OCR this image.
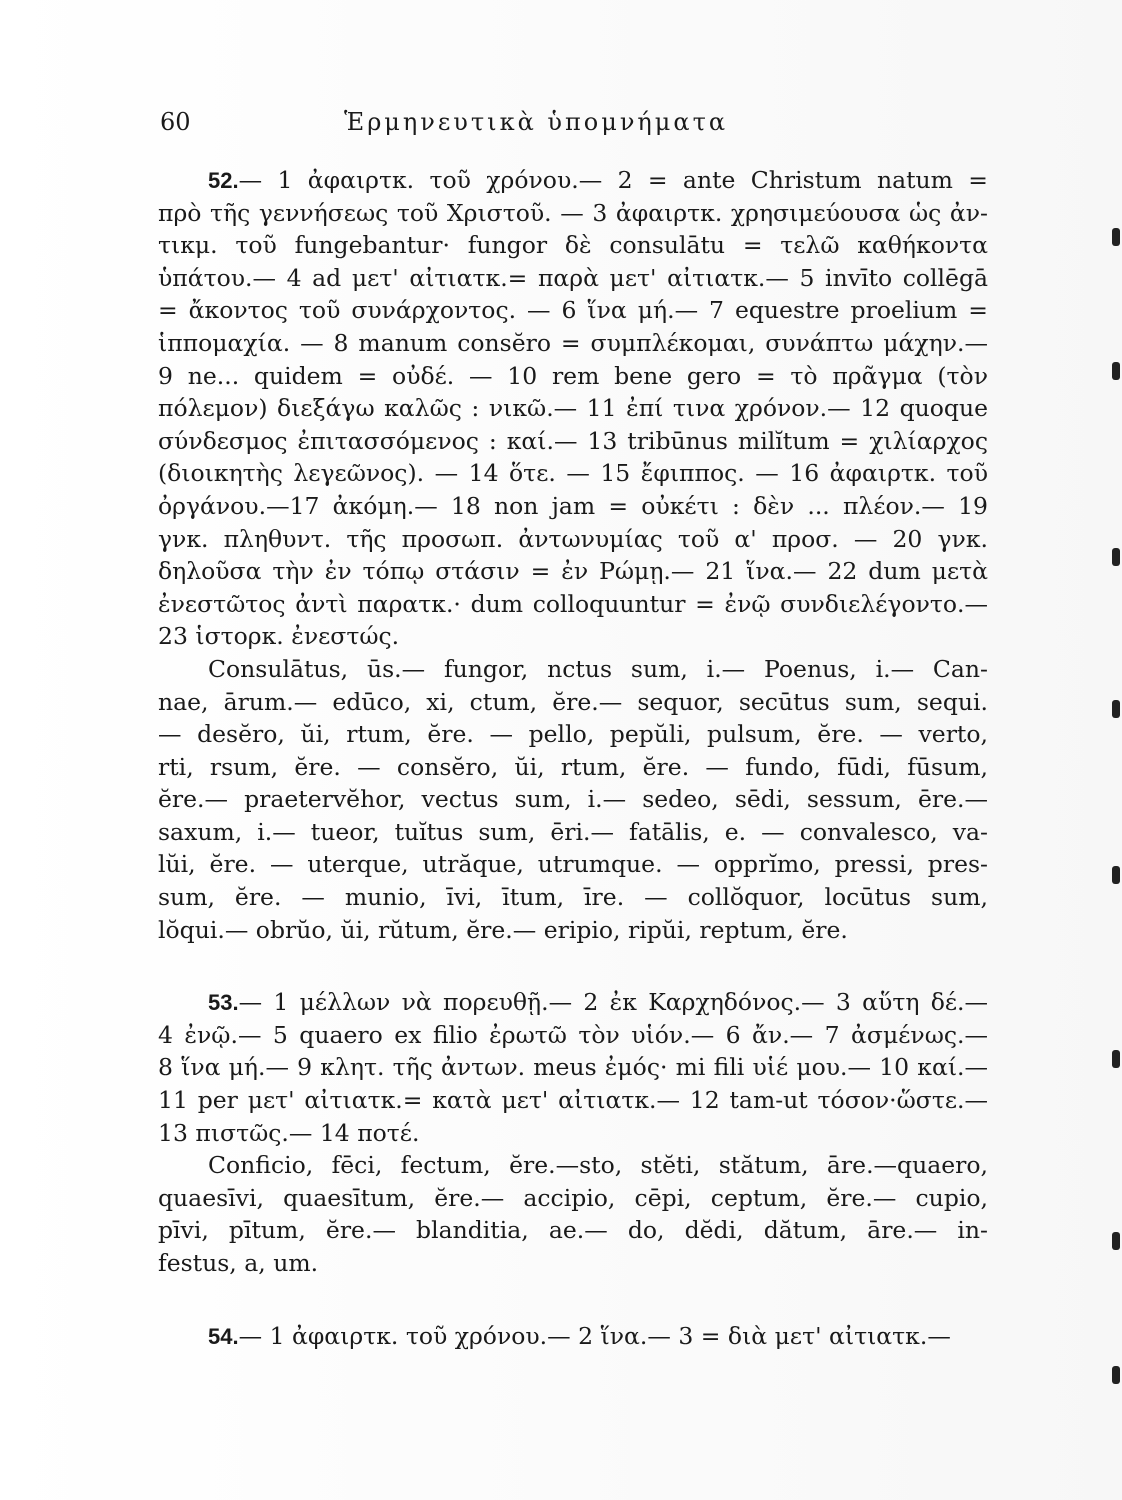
60	Ἑρμηνευτικὰ ὑπομνήματα
52.— 1 ἀφαιρτκ. τοῦ χρόνου.— 2 = ante Christum natum =
πρὸ τῆς γεννήσεως τοῦ Χριστοῦ. — 3 ἀφαιρτκ. χρησιμεύουσα ὡς ἀν-
τικμ. τοῦ fungebantur· fungor δὲ consulātu = τελῶ καθήκοντα
ὑπάτου.— 4 ad μετ' αἰτιατκ.= παρὰ μετ' αἰτιατκ.— 5 invīto collēgā
= ἄκοντος τοῦ συνάρχοντος. — 6 ἵνα μή.— 7 equestre proelium =
ἱππομαχία. — 8 manum consĕro = συμπλέκομαι, συνάπτω μάχην.—
9 ne... quidem = οὐδέ. — 10 rem bene gero = τὸ πρᾶγμα (τὸν
πόλεμον) διεξάγω καλῶς : νικῶ.— 11 ἐπί τινα χρόνον.— 12 quoque
σύνδεσμος ἐπιτασσόμενος : καί.— 13 tribūnus milĭtum = χιλίαρχος
(διοικητὴς λεγεῶνος). — 14 ὅτε. — 15 ἔφιππος. — 16 ἀφαιρτκ. τοῦ
ὀργάνου.—17 ἀκόμη.— 18 non jam = οὐκέτι : δὲν ... πλέον.— 19
γνκ. πληθυντ. τῆς προσωπ. ἀντωνυμίας τοῦ α' προσ. — 20 γνκ.
δηλοῦσα τὴν ἐν τόπῳ στάσιν = ἐν Ρώμῃ.— 21 ἵνα.— 22 dum μετὰ
ἐνεστῶτος ἀντὶ παρατκ.· dum colloquuntur = ἐνῷ συνδιελέγοντο.—
23 ἱστορκ. ἐνεστώς.
Consulātus, ūs.— fungor, nctus sum, i.— Poenus, i.— Can-
nae, ārum.— edūco, xi, ctum, ĕre.— sequor, secūtus sum, sequi.
— desĕro, ŭi, rtum, ĕre. — pello, pepŭli, pulsum, ĕre. — verto,
rti, rsum, ĕre. — consĕro, ŭi, rtum, ĕre. — fundo, fūdi, fūsum,
ĕre.— praetervĕhor, vectus sum, i.— sedeo, sēdi, sessum, ēre.—
saxum, i.— tueor, tuĭtus sum, ēri.— fatālis, e. — convalesco, va-
lŭi, ĕre. — uterque, utrăque, utrumque. — opprĭmo, pressi, pres-
sum, ĕre. — munio, īvi, ītum, īre. — collŏquor, locūtus sum,
lŏqui.— obrŭo, ŭi, rŭtum, ĕre.— eripio, ripŭi, reptum, ĕre.
53.— 1 μέλλων νὰ πορευθῇ.— 2 ἐκ Καρχηδόνος.— 3 αὕτη δέ.—
4 ἐνῷ.— 5 quaero ex filio ἐρωτῶ τὸν υἱόν.— 6 ἄν.— 7 ἀσμένως.—
8 ἵνα μή.— 9 κλητ. τῆς ἀντων. meus ἐμός· mi fili υἱέ μου.— 10 καί.—
11 per μετ' αἰτιατκ.= κατὰ μετ' αἰτιατκ.— 12 tam-ut τόσον·ὥστε.—
13 πιστῶς.— 14 ποτέ.
Conficio, fēci, fectum, ĕre.—sto, stĕti, stătum, āre.—quaero,
quaesīvi, quaesītum, ĕre.— accipio, cēpi, ceptum, ĕre.— cupio,
pīvi, pītum, ĕre.— blanditia, ae.— do, dĕdi, dătum, āre.— in-
festus, a, um.
54.— 1 ἀφαιρτκ. τοῦ χρόνου.— 2 ἵνα.— 3 = διὰ μετ' αἰτιατκ.—
